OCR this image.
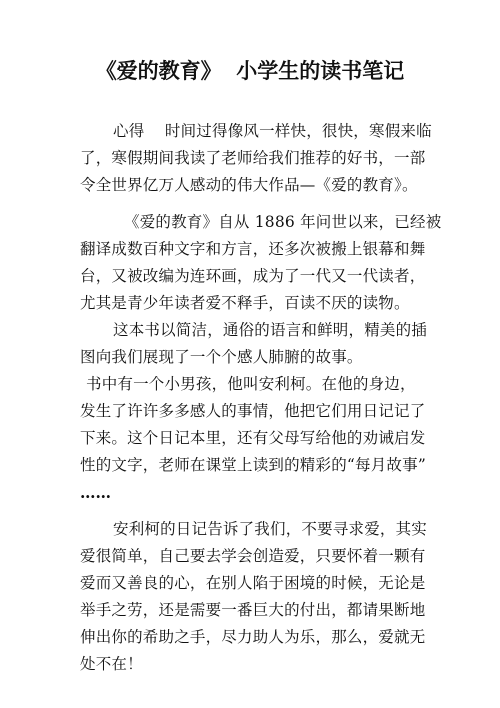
《爱的教育》  小学生的读书笔记

心得    时间过得像风一样快，很快，寒假来临

了，寒假期间我读了老师给我们推荐的好书，一部

令全世界亿万人感动的伟大作品—《爱的教育》。

《爱的教育》自从 1886 年问世以来，已经被

翻译成数百种文字和方言，还多次被搬上银幕和舞

台，又被改编为连环画，成为了一代又一代读者，

尤其是青少年读者爱不释手，百读不厌的读物。

这本书以简洁，通俗的语言和鲜明，精美的插

图向我们展现了一个个感人肺腑的故事。

书中有一个小男孩，他叫安利柯。在他的身边，

发生了许许多多感人的事情，他把它们用日记记了

下来。这个日记本里，还有父母写给他的劝诫启发

性的文字，老师在课堂上读到的精彩的“每月故事”

……

安利柯的日记告诉了我们，不要寻求爱，其实

爱很简单，自己要去学会创造爱，只要怀着一颗有

爱而又善良的心，在别人陷于困境的时候，无论是

举手之劳，还是需要一番巨大的付出，都请果断地

伸出你的希助之手，尽力助人为乐，那么，爱就无

处不在！
